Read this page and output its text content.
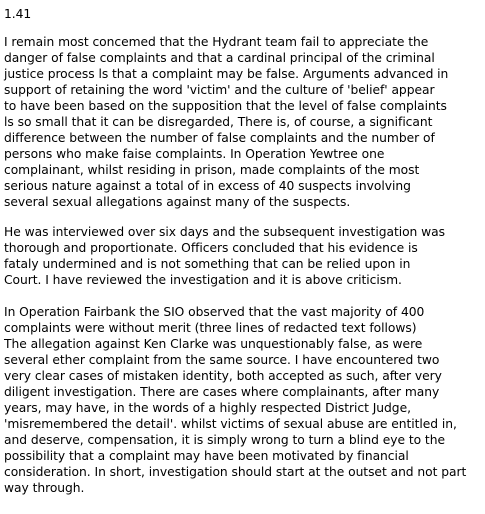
1.41

I remain most concemed that the Hydrant team fail to appreciate the
danger of false complaints and that a cardinal principal of the criminal
justice process ls that a complaint may be false. Arguments advanced in
support of retaining the word 'victim' and the culture of 'belief' appear
to have been based on the supposition that the level of false complaints
ls so small that it can be disregarded, There is, of course, a significant
difference between the number of false complaints and the number of
persons who make faise complaints. In Operation Yewtree one
complainant, whilst residing in prison, made complaints of the most
serious nature against a total of in excess of 40 suspects involving
several sexual allegations against many of the suspects.

He was interviewed over six days and the subsequent investigation was
thorough and proportionate. Officers concluded that his evidence is
fataly undermined and is not something that can be relied upon in
Court. I have reviewed the investigation and it is above criticism.

In Operation Fairbank the SIO observed that the vast majority of 400
complaints were without merit (three lines of redacted text follows)
The allegation against Ken Clarke was unquestionably false, as were
several ether complaint from the same source. I have encountered two
very clear cases of mistaken identity, both accepted as such, after very
diligent investigation. There are cases where complainants, after many
years, may have, in the words of a highly respected District Judge,
'misremembered the detail'. whilst victims of sexual abuse are entitled in,
and deserve, compensation, it is simply wrong to turn a blind eye to the
possibility that a complaint may have been motivated by financial
consideration. In short, investigation should start at the outset and not part
way through.
